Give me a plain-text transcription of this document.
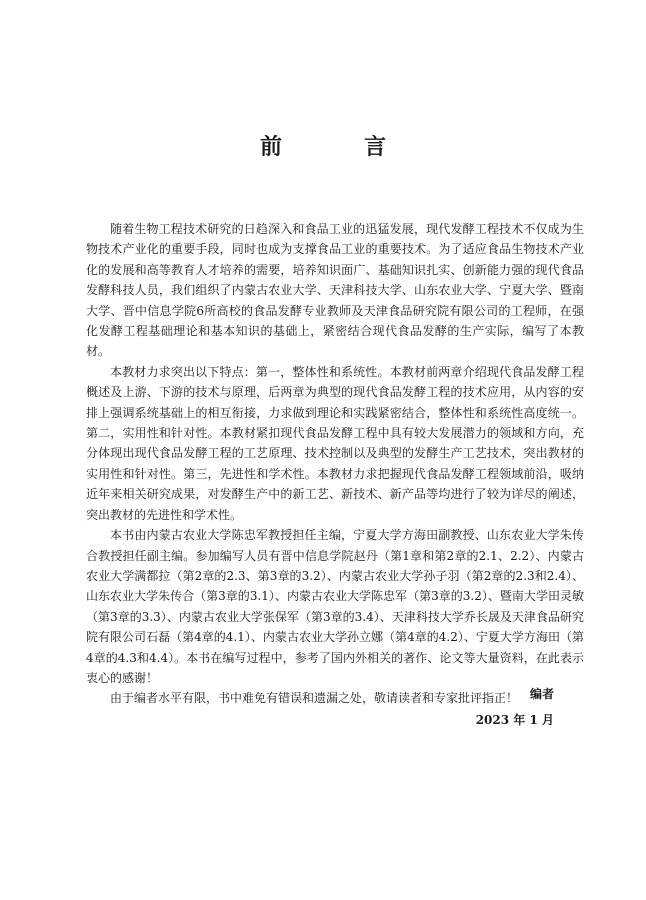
前　言

随着生物工程技术研究的日趋深入和食品工业的迅猛发展，现代发酵工程技术不仅成为生物技术产业化的重要手段，同时也成为支撑食品工业的重要技术。为了适应食品生物技术产业化的发展和高等教育人才培养的需要，培养知识面广、基础知识扎实、创新能力强的现代食品发酵科技人员，我们组织了内蒙古农业大学、天津科技大学、山东农业大学、宁夏大学、暨南大学、晋中信息学院6所高校的食品发酵专业教师及天津食品研究院有限公司的工程师，在强化发酵工程基础理论和基本知识的基础上，紧密结合现代食品发酵的生产实际，编写了本教材。

本教材力求突出以下特点：第一，整体性和系统性。本教材前两章介绍现代食品发酵工程概述及上游、下游的技术与原理，后两章为典型的现代食品发酵工程的技术应用，从内容的安排上强调系统基础上的相互衔接，力求做到理论和实践紧密结合，整体性和系统性高度统一。第二，实用性和针对性。本教材紧扣现代食品发酵工程中具有较大发展潜力的领域和方向，充分体现出现代食品发酵工程的工艺原理、技术控制以及典型的发酵生产工艺技术，突出教材的实用性和针对性。第三，先进性和学术性。本教材力求把握现代食品发酵工程领域前沿，吸纳近年来相关研究成果，对发酵生产中的新工艺、新技术、新产品等均进行了较为详尽的阐述，突出教材的先进性和学术性。

本书由内蒙古农业大学陈忠军教授担任主编，宁夏大学方海田副教授、山东农业大学朱传合教授担任副主编。参加编写人员有晋中信息学院赵丹（第1章和第2章的2.1、2.2）、内蒙古农业大学满都拉（第2章的2.3、第3章的3.2）、内蒙古农业大学孙子羽（第2章的2.3和2.4）、山东农业大学朱传合（第3章的3.1）、内蒙古农业大学陈忠军（第3章的3.2）、暨南大学田灵敏（第3章的3.3）、内蒙古农业大学张保军（第3章的3.4）、天津科技大学乔长晟及天津食品研究院有限公司石磊（第4章的4.1）、内蒙古农业大学孙立娜（第4章的4.2）、宁夏大学方海田（第4章的4.3和4.4）。本书在编写过程中，参考了国内外相关的著作、论文等大量资料，在此表示衷心的感谢！

由于编者水平有限，书中难免有错误和遗漏之处，敬请读者和专家批评指正！ 编者
2023 年 1 月
